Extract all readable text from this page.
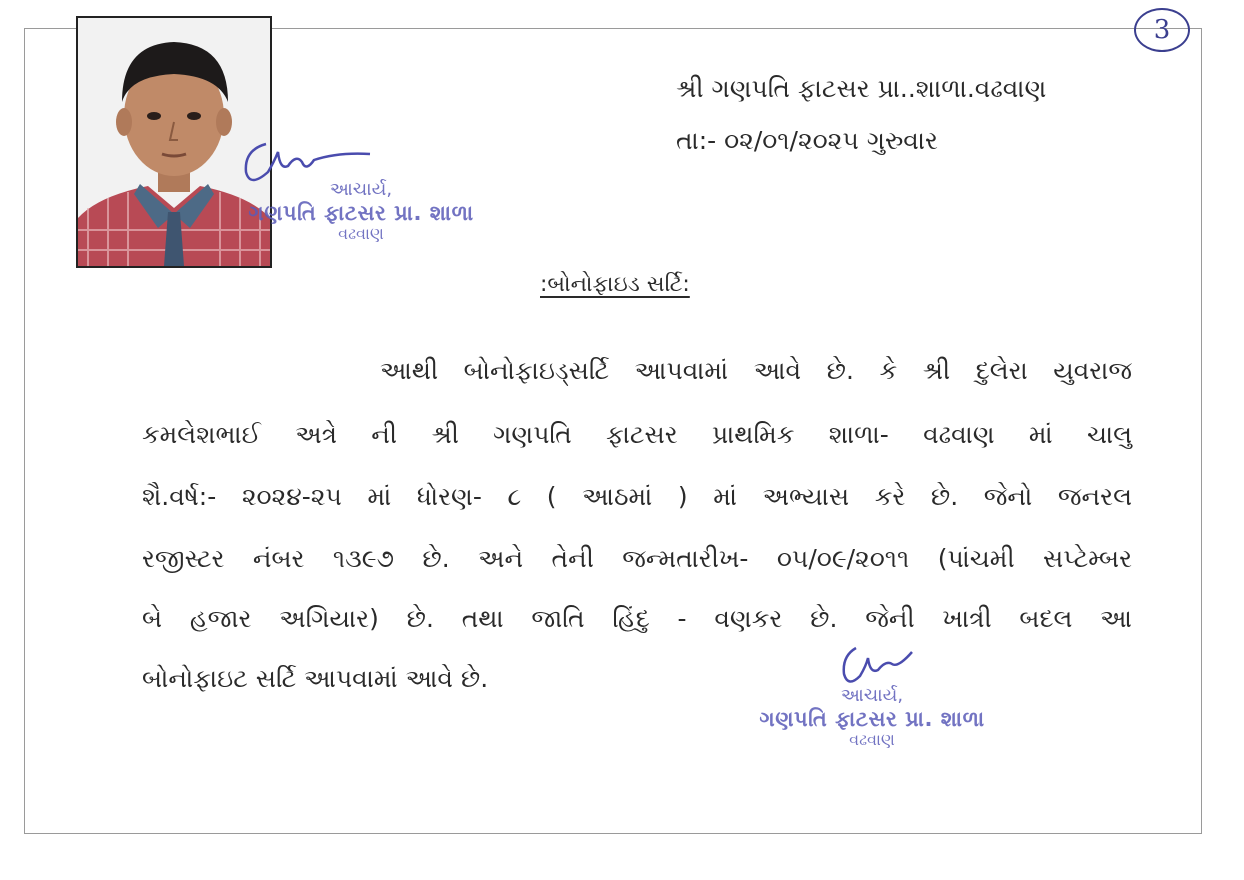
3
આચાર્ય,
ગણપતિ ફાટસર પ્રા. શાળા
વઢવાણ
શ્રી ગણપતિ ફાટસર પ્રા..શાળા.વઢવાણ
તા:- ૦૨/૦૧/૨૦૨૫ ગુરુવાર
:બોનોફાઇડ સર્ટિ:
આથી બોનોફાઇડ્સર્ટિ આપવામાં આવે છે. કે શ્રી દુલેરા યુવરાજ
કમલેશભાઈ અત્રે ની શ્રી ગણપતિ ફાટસર પ્રાથમિક શાળા- વઢવાણ માં ચાલુ
શૈ.વર્ષ:- ૨૦૨૪-૨૫ માં ધોરણ- ૮ ( આઠમાં ) માં અભ્યાસ કરે છે. જેનો જનરલ
રજીસ્ટર નંબર ૧૩૯૭ છે. અને તેની જન્મતારીખ- ૦૫/૦૯/૨૦૧૧ (પાંચમી સપ્ટેમ્બર
બે હજાર અગિયાર) છે. તથા જાતિ હિંદુ - વણકર છે. જેની ખાત્રી બદલ આ
બોનોફાઇટ સર્ટિ આપવામાં આવે છે.
આચાર્ય,
ગણપતિ ફાટસર પ્રા. શાળા
વઢવાણ
